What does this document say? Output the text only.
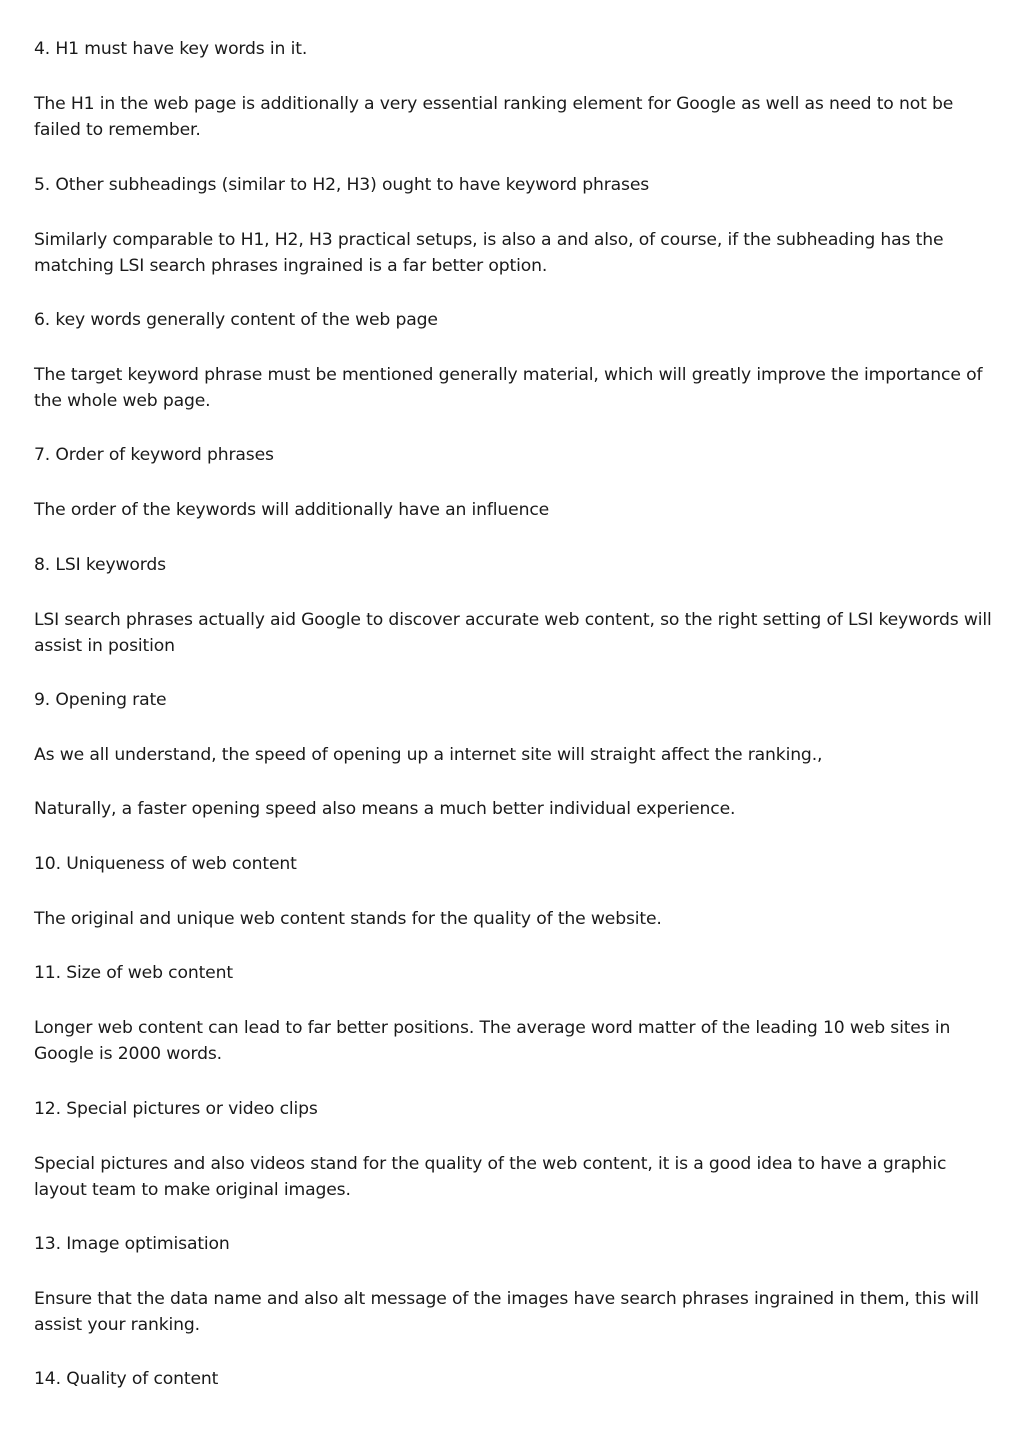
4. H1 must have key words in it.

The H1 in the web page is additionally a very essential ranking element for Google as well as need to not be failed to remember.

5. Other subheadings (similar to H2, H3) ought to have keyword phrases

Similarly comparable to H1, H2, H3 practical setups, is also a and also, of course, if the subheading has the matching LSI search phrases ingrained is a far better option.

6. key words generally content of the web page

The target keyword phrase must be mentioned generally material, which will greatly improve the importance of the whole web page.

7. Order of keyword phrases

The order of the keywords will additionally have an influence

8. LSI keywords

LSI search phrases actually aid Google to discover accurate web content, so the right setting of LSI keywords will assist in position

9. Opening rate

As we all understand, the speed of opening up a internet site will straight affect the ranking.,

Naturally, a faster opening speed also means a much better individual experience.

10. Uniqueness of web content

The original and unique web content stands for the quality of the website.

11. Size of web content

Longer web content can lead to far better positions. The average word matter of the leading 10 web sites in Google is 2000 words.

12. Special pictures or video clips

Special pictures and also videos stand for the quality of the web content, it is a good idea to have a graphic layout team to make original images.

13. Image optimisation

Ensure that the data name and also alt message of the images have search phrases ingrained in them, this will assist your ranking.

14. Quality of content
